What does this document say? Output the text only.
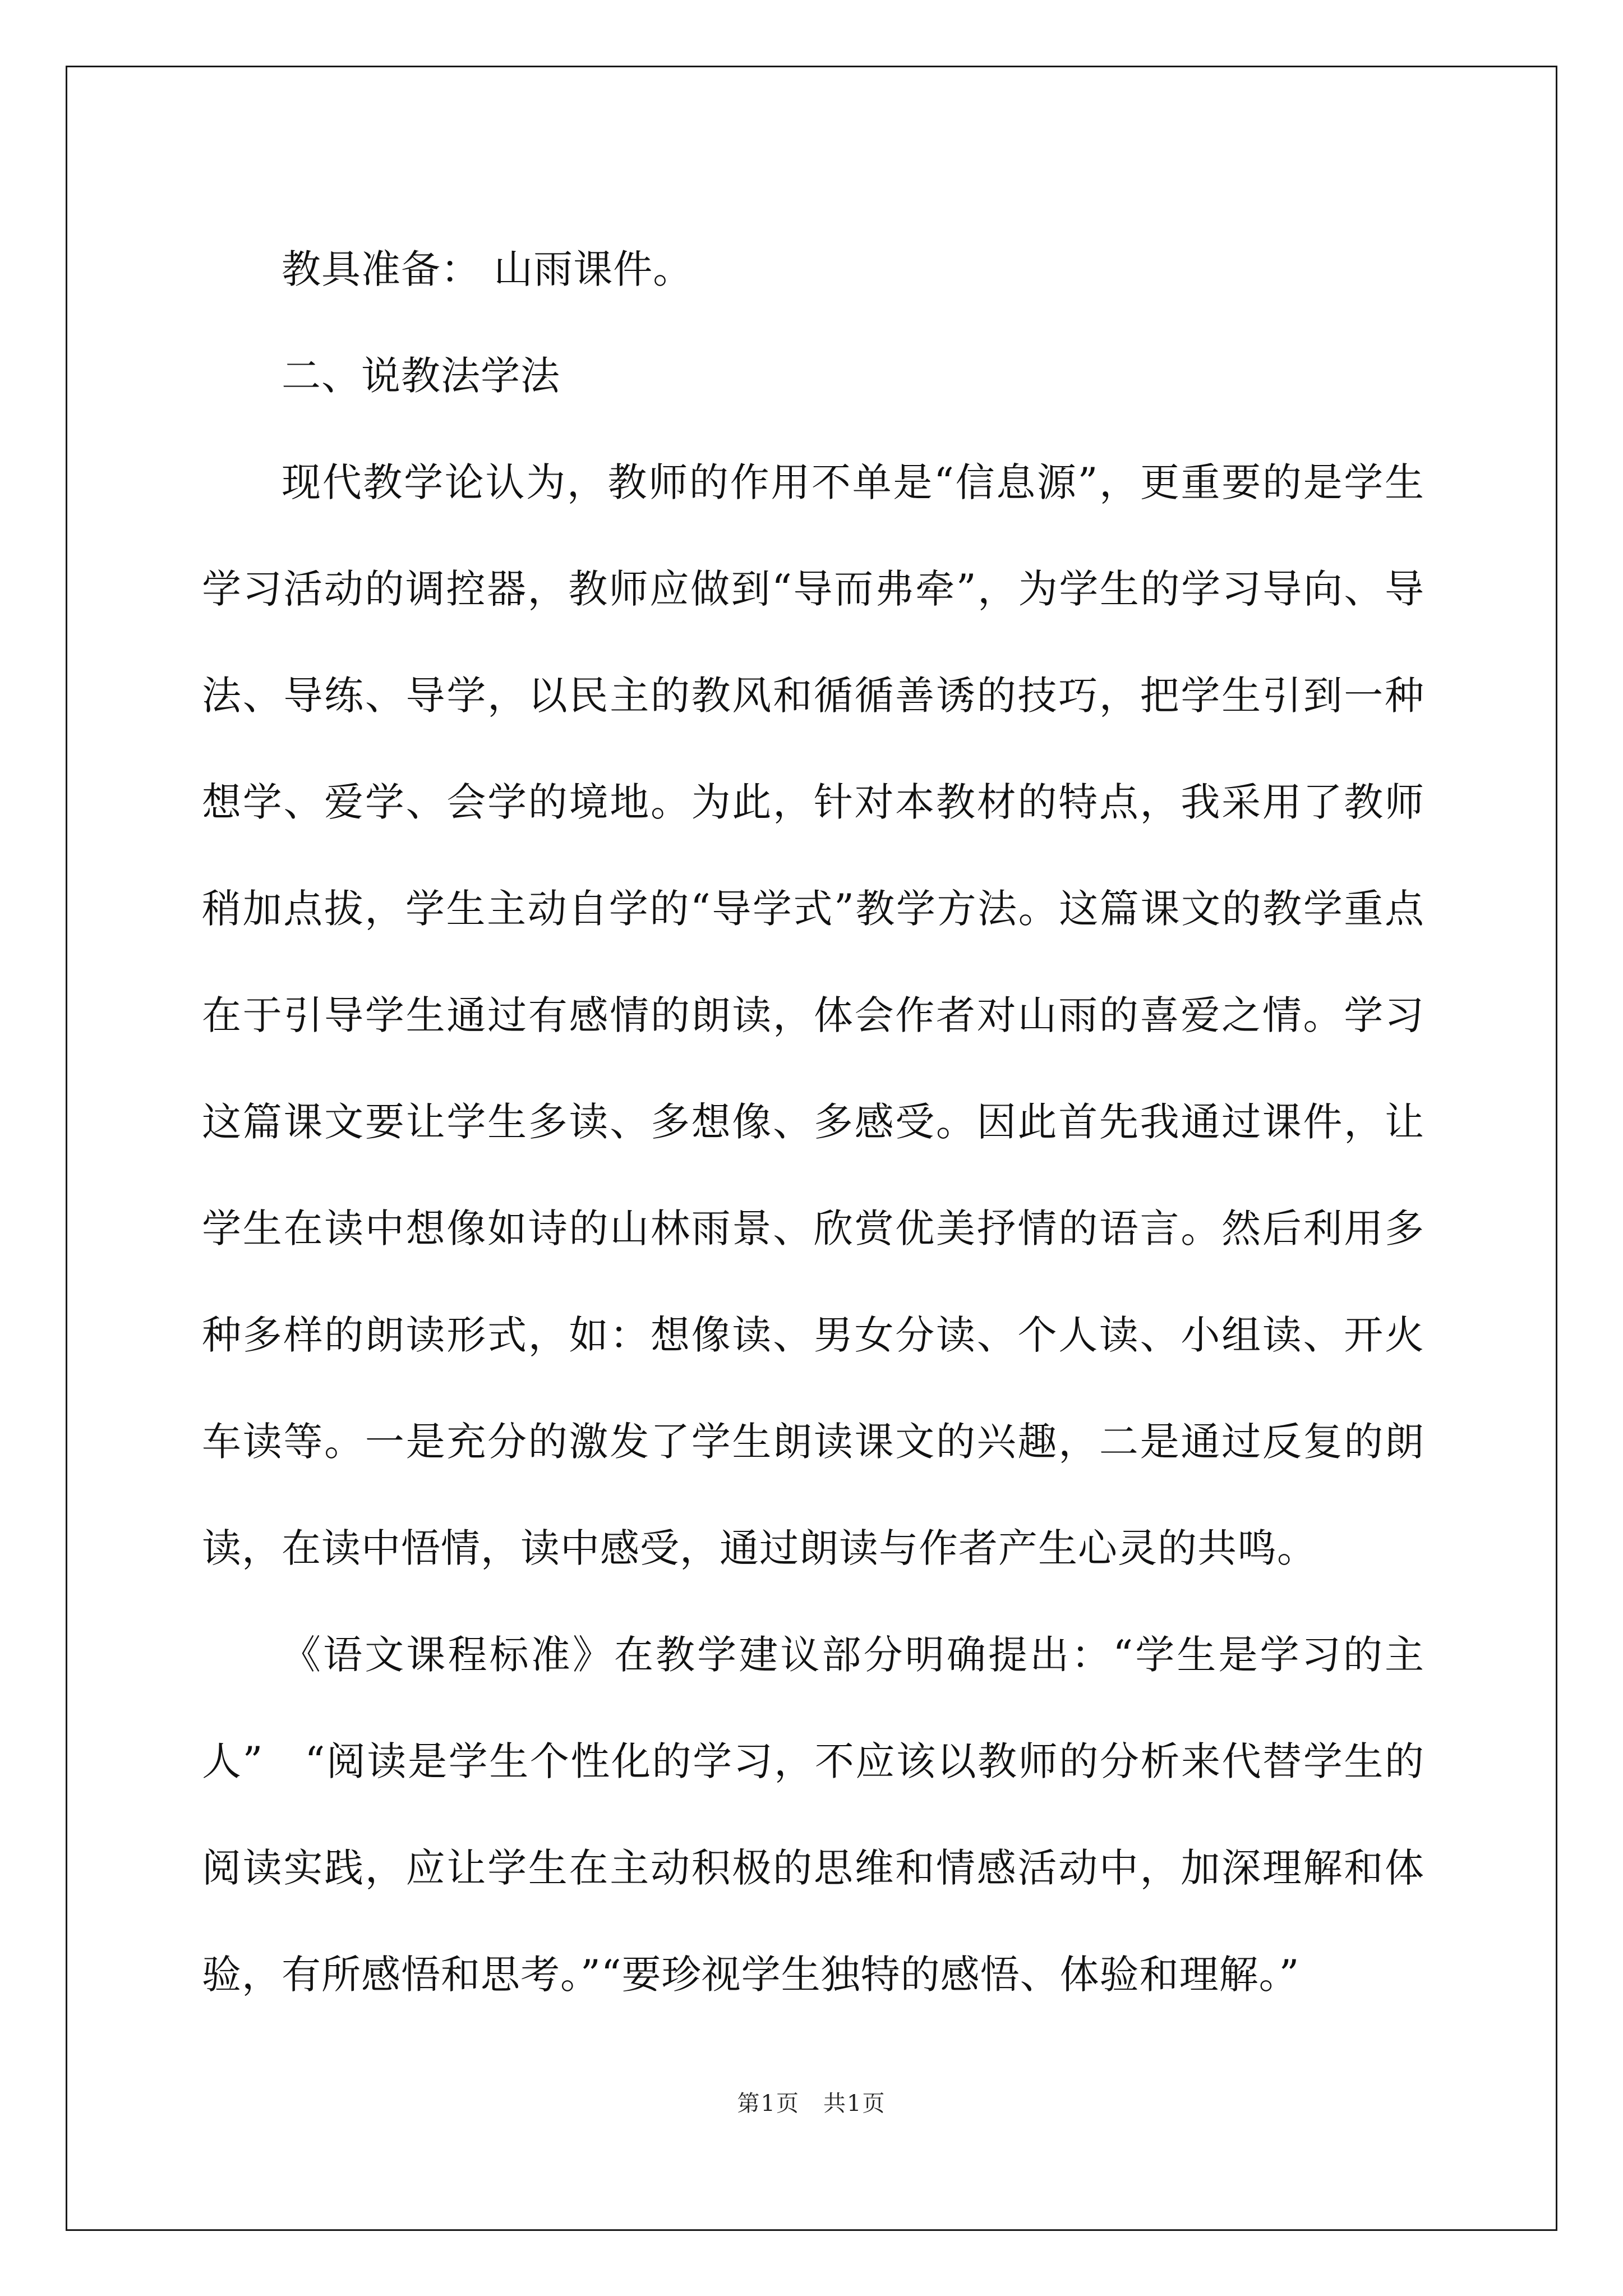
教具准备： 山雨课件。

二、说教法学法

现代教学论认为，教师的作用不单是“信息源”，更重要的是学生学习活动的调控器，教师应做到“导而弗牵”，为学生的学习导向、导法、导练、导学，以民主的教风和循循善诱的技巧，把学生引到一种想学、爱学、会学的境地。为此，针对本教材的特点，我采用了教师稍加点拔，学生主动自学的“导学式”教学方法。这篇课文的教学重点在于引导学生通过有感情的朗读，体会作者对山雨的喜爱之情。学习这篇课文要让学生多读、多想像、多感受。因此首先我通过课件，让学生在读中想像如诗的山林雨景、欣赏优美抒情的语言。然后利用多种多样的朗读形式，如：想像读、男女分读、个人读、小组读、开火车读等。一是充分的激发了学生朗读课文的兴趣，二是通过反复的朗读，在读中悟情，读中感受，通过朗读与作者产生心灵的共鸣。

《语文课程标准》在教学建议部分明确提出：“学生是学习的主人”　“阅读是学生个性化的学习，不应该以教师的分析来代替学生的阅读实践，应让学生在主动积极的思维和情感活动中，加深理解和体验，有所感悟和思考。”“要珍视学生独特的感悟、体验和理解。”

第1页　共1页
